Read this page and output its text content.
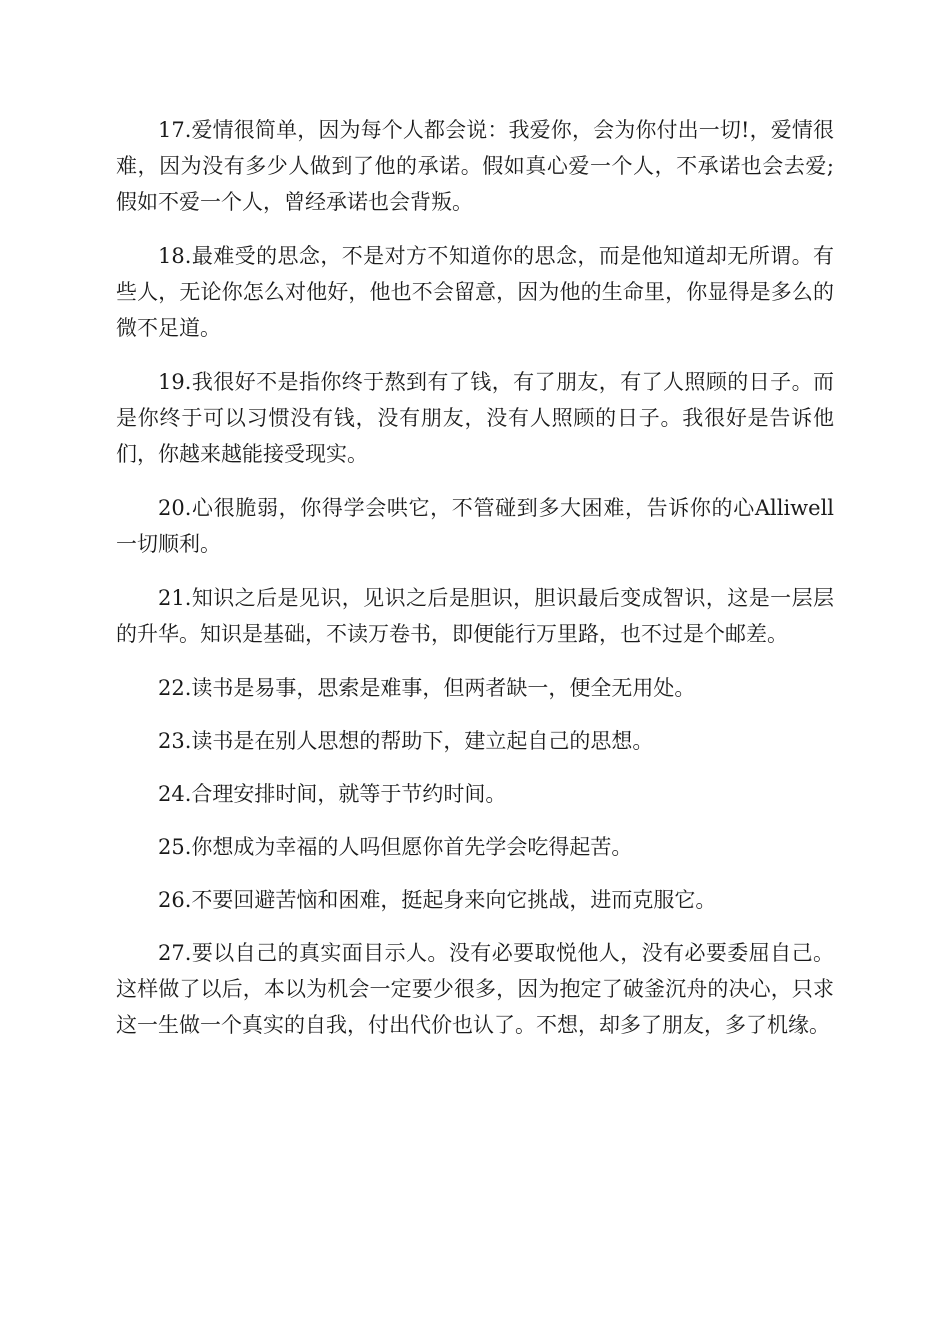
17.爱情很简单，因为每个人都会说：我爱你，会为你付出一切!，爱情很难，因为没有多少人做到了他的承诺。假如真心爱一个人，不承诺也会去爱;假如不爱一个人，曾经承诺也会背叛。

18.最难受的思念，不是对方不知道你的思念，而是他知道却无所谓。有些人，无论你怎么对他好，他也不会留意，因为他的生命里，你显得是多么的微不足道。

19.我很好不是指你终于熬到有了钱，有了朋友，有了人照顾的日子。而是你终于可以习惯没有钱，没有朋友，没有人照顾的日子。我很好是告诉他们，你越来越能接受现实。

20.心很脆弱，你得学会哄它，不管碰到多大困难，告诉你的心Alliwell一切顺利。

21.知识之后是见识，见识之后是胆识，胆识最后变成智识，这是一层层的升华。知识是基础，不读万卷书，即便能行万里路，也不过是个邮差。

22.读书是易事，思索是难事，但两者缺一，便全无用处。

23.读书是在别人思想的帮助下，建立起自己的思想。

24.合理安排时间，就等于节约时间。

25.你想成为幸福的人吗但愿你首先学会吃得起苦。

26.不要回避苦恼和困难，挺起身来向它挑战，进而克服它。

27.要以自己的真实面目示人。没有必要取悦他人，没有必要委屈自己。这样做了以后，本以为机会一定要少很多，因为抱定了破釜沉舟的决心，只求这一生做一个真实的自我，付出代价也认了。不想，却多了朋友，多了机缘。
